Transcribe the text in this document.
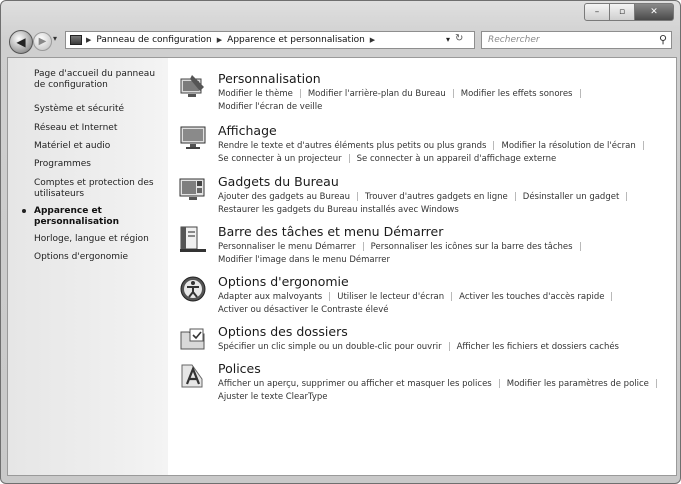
–	▫	✕
◀ ▶ ▾	▶ Panneau de configuration ▶ Apparence et personnalisation ▶	▾ ↻	Rechercher	⚲
Page d'accueil du panneau de configuration
Système et sécurité
Réseau et Internet
Matériel et audio
Programmes
Comptes et protection des utilisateurs
Apparence et personnalisation
Horloge, langue et région
Options d'ergonomie
Personnalisation
Modifier le thème Modifier l'arrière-plan du Bureau Modifier les effets sonores
Modifier l'écran de veille
Affichage
Rendre le texte et d'autres éléments plus petits ou plus grands Modifier la résolution de l'écran
Se connecter à un projecteur Se connecter à un appareil d'affichage externe
Gadgets du Bureau
Ajouter des gadgets au Bureau Trouver d'autres gadgets en ligne Désinstaller un gadget
Restaurer les gadgets du Bureau installés avec Windows
Barre des tâches et menu Démarrer
Personnaliser le menu Démarrer Personnaliser les icônes sur la barre des tâches
Modifier l'image dans le menu Démarrer
Options d'ergonomie
Adapter aux malvoyants Utiliser le lecteur d'écran Activer les touches d'accès rapide
Activer ou désactiver le Contraste élevé
Options des dossiers
Spécifier un clic simple ou un double-clic pour ouvrir Afficher les fichiers et dossiers cachés
Polices
Afficher un aperçu, supprimer ou afficher et masquer les polices Modifier les paramètres de police
Ajuster le texte ClearType
